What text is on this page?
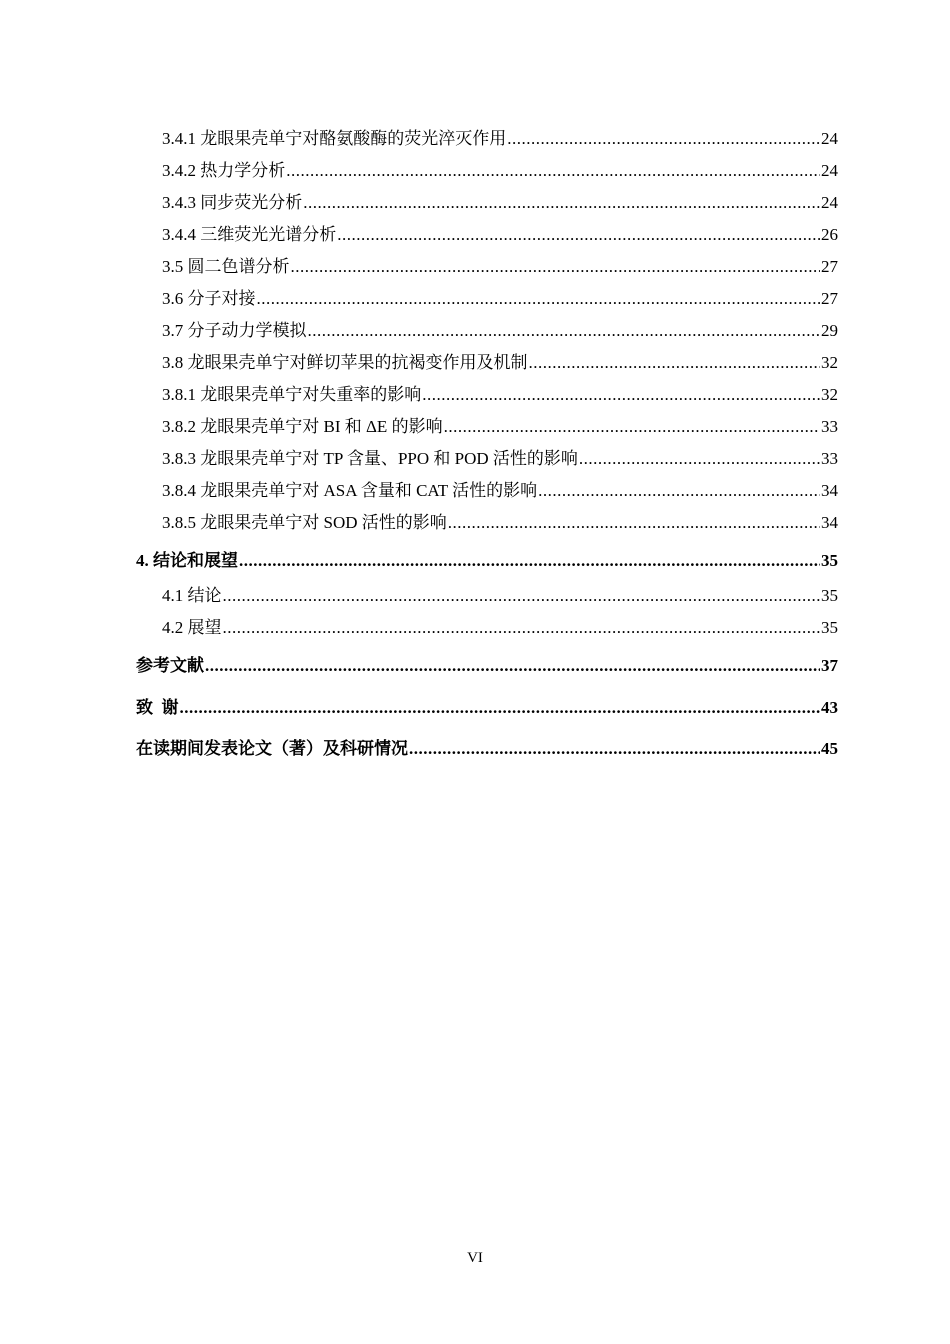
3.4.1 龙眼果壳单宁对酪氨酸酶的荧光淬灭作用 .....	24
3.4.2 热力学分析 .....	24
3.4.3 同步荧光分析 .....	24
3.4.4 三维荧光光谱分析 .....	26
3.5 圆二色谱分析 .....	27
3.6 分子对接 .....	27
3.7 分子动力学模拟 .....	29
3.8 龙眼果壳单宁对鲜切苹果的抗褐变作用及机制 .....	32
3.8.1 龙眼果壳单宁对失重率的影响 .....	32
3.8.2 龙眼果壳单宁对 BI 和 ΔE 的影响 .....	33
3.8.3 龙眼果壳单宁对 TP 含量、PPO 和 POD 活性的影响 .....	33
3.8.4 龙眼果壳单宁对 ASA 含量和 CAT 活性的影响 .....	34
3.8.5 龙眼果壳单宁对 SOD 活性的影响 .....	34
4. 结论和展望 .....	35
4.1 结论 .....	35
4.2 展望 .....	35
参考文献 .....	37
致  谢 .....	43
在读期间发表论文（著）及科研情况 .....	45
VI
